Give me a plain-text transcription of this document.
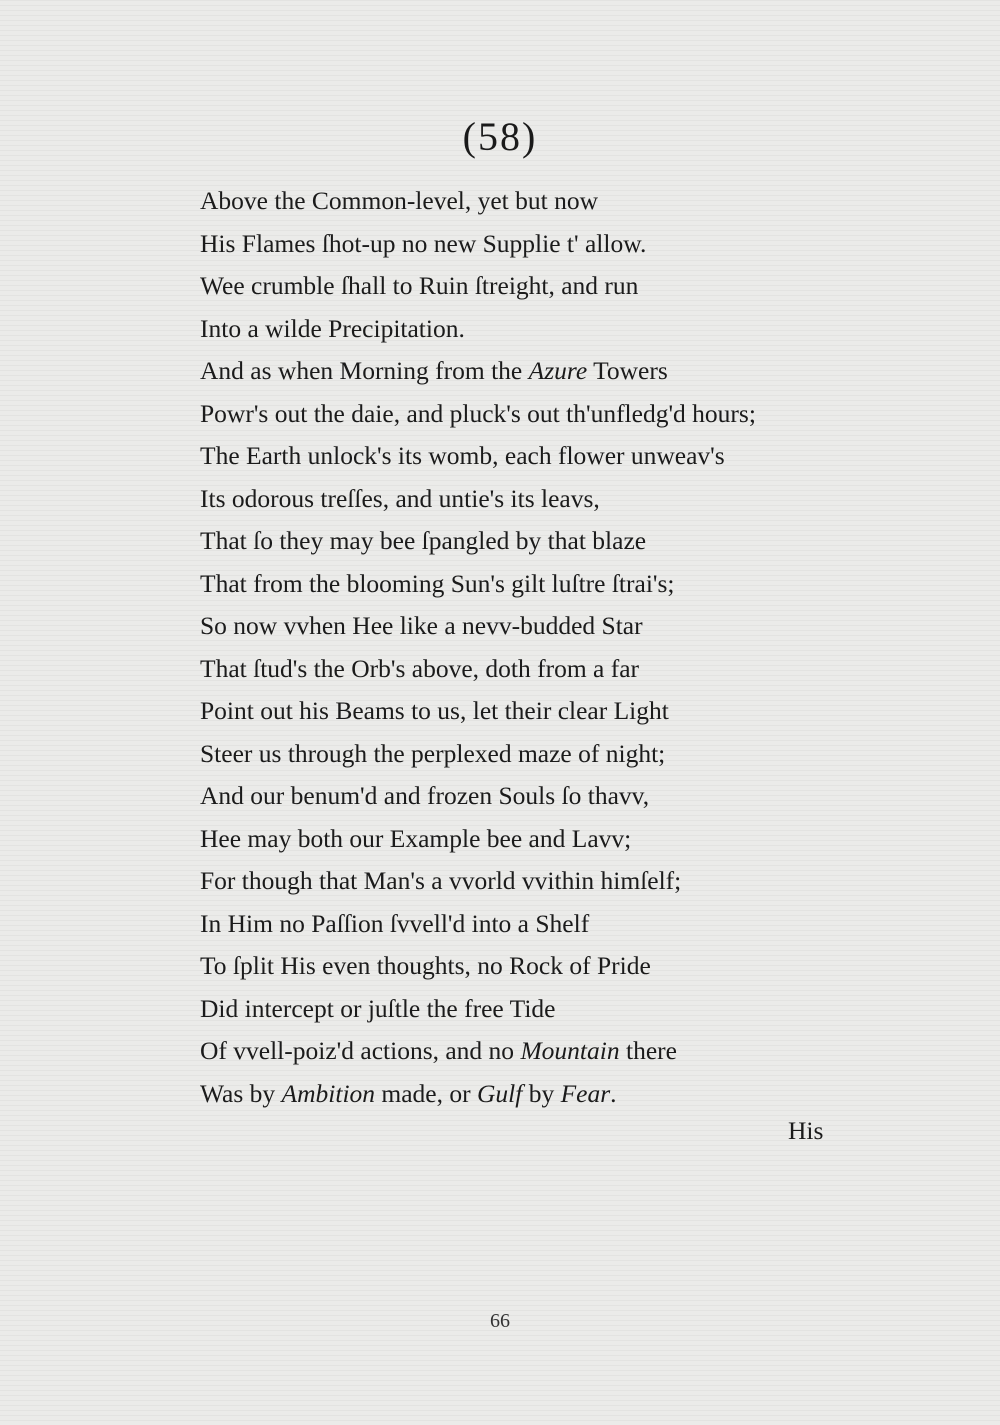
(58)
Above the Common-level, yet but now
His Flames ſhot-up no new Supplie t' allow.
Wee crumble ſhall to Ruin ſtreight, and run
Into a wilde Precipitation.
And as when Morning from the Azure Towers
Powr's out the daie, and pluck's out th'unfledg'd hours;
The Earth unlock's its womb, each flower unweav's
Its odorous treſſes, and untie's its leavs,
That ſo they may bee ſpangled by that blaze
That from the blooming Sun's gilt luſtre ſtrai's;
So now vvhen Hee like a nevv-budded Star
That ſtud's the Orb's above, doth from a far
Point out his Beams to us, let their clear Light
Steer us through the perplexed maze of night;
And our benum'd and frozen Souls ſo thavv,
Hee may both our Example bee and Lavv;
For though that Man's a vvorld vvithin himſelf;
In Him no Paſſion ſvvell'd into a Shelf
To ſplit His even thoughts, no Rock of Pride
Did intercept or juſtle the free Tide
Of vvell-poiz'd actions, and no Mountain there
Was by Ambition made, or Gulf by Fear.
His
66
